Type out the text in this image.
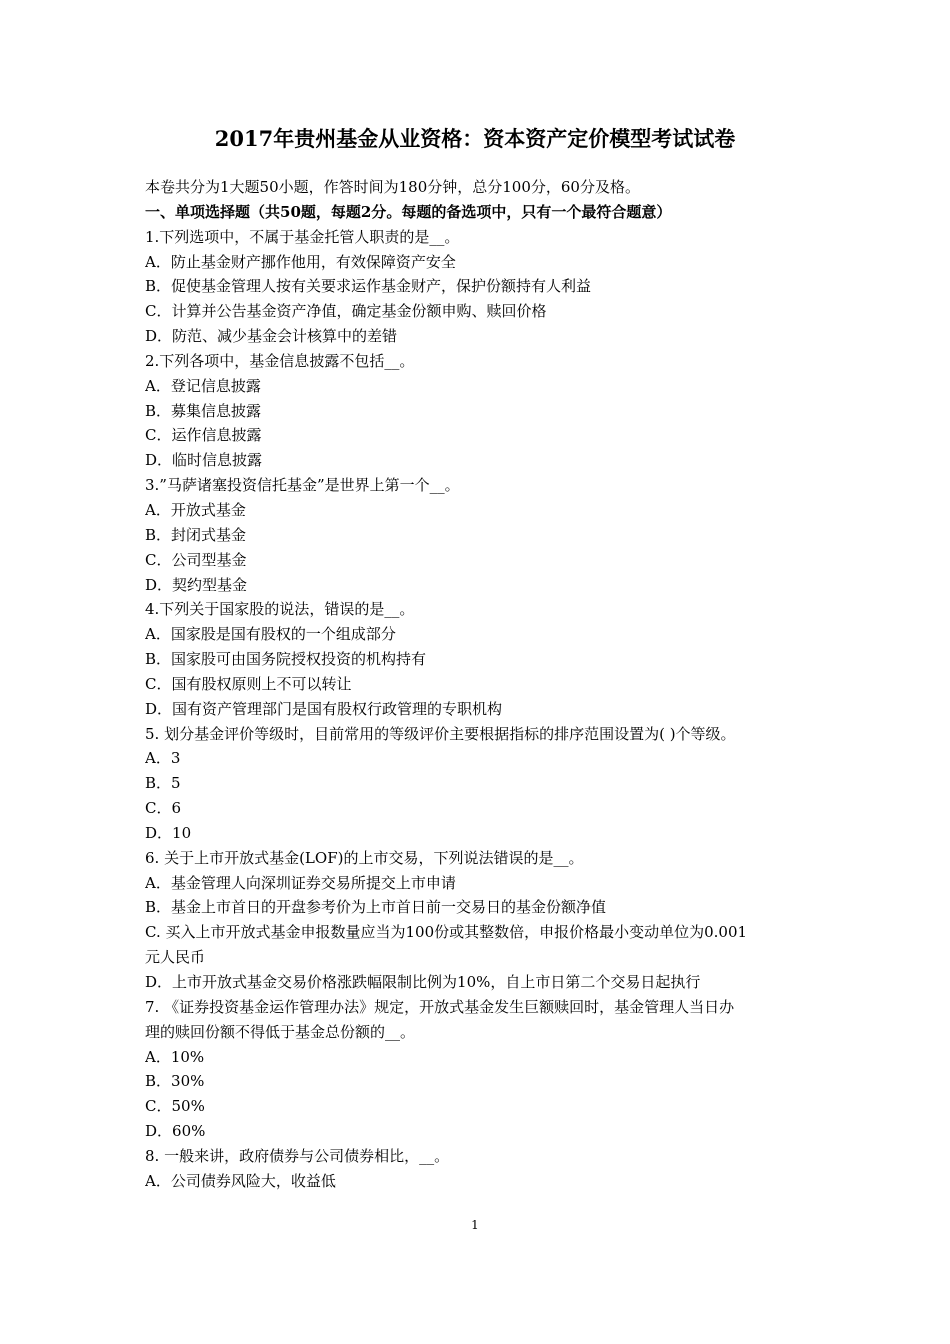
2017年贵州基金从业资格：资本资产定价模型考试试卷
本卷共分为1大题50小题，作答时间为180分钟，总分100分，60分及格。
一、单项选择题（共50题，每题2分。每题的备选项中，只有一个最符合题意）
1.下列选项中，不属于基金托管人职责的是__。
A．防止基金财产挪作他用，有效保障资产安全
B．促使基金管理人按有关要求运作基金财产，保护份额持有人利益
C．计算并公告基金资产净值，确定基金份额申购、赎回价格
D．防范、减少基金会计核算中的差错
2.下列各项中，基金信息披露不包括__。
A．登记信息披露
B．募集信息披露
C．运作信息披露
D．临时信息披露
3.”马萨诸塞投资信托基金”是世界上第一个__。
A．开放式基金
B．封闭式基金
C．公司型基金
D．契约型基金
4.下列关于国家股的说法，错误的是__。
A．国家股是国有股权的一个组成部分
B．国家股可由国务院授权投资的机构持有
C．国有股权原则上不可以转让
D．国有资产管理部门是国有股权行政管理的专职机构
5. 划分基金评价等级时，目前常用的等级评价主要根据指标的排序范围设置为( )个等级。
A．3
B．5
C．6
D．10
6. 关于上市开放式基金(LOF)的上市交易，下列说法错误的是__。
A．基金管理人向深圳证券交易所提交上市申请
B．基金上市首日的开盘参考价为上市首日前一交易日的基金份额净值
C. 买入上市开放式基金申报数量应当为100份或其整数倍，申报价格最小变动单位为0.001
元人民币
D．上市开放式基金交易价格涨跌幅限制比例为10%，自上市日第二个交易日起执行
7. 《证券投资基金运作管理办法》规定，开放式基金发生巨额赎回时，基金管理人当日办
理的赎回份额不得低于基金总份额的__。
A．10%
B．30%
C．50%
D．60%
8. 一般来讲，政府债券与公司债券相比，__。
A．公司债券风险大，收益低
1
